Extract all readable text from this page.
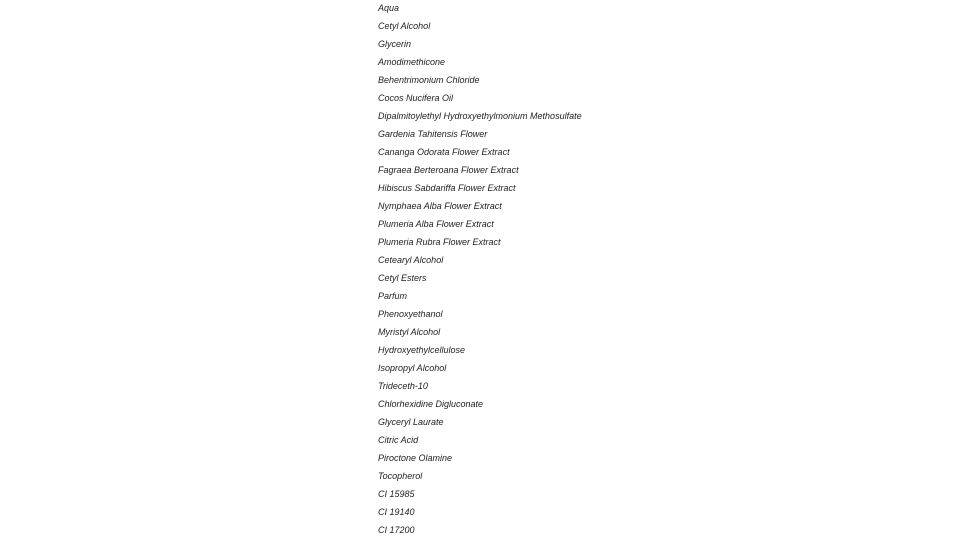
Aqua
Cetyl Alcohol
Glycerin
Amodimethicone
Behentrimonium Chloride
Cocos Nucifera Oil
Dipalmitoylethyl Hydroxyethylmonium Methosulfate
Gardenia Tahitensis Flower
Cananga Odorata Flower Extract
Fagraea Berteroana Flower Extract
Hibiscus Sabdariffa Flower Extract
Nymphaea Alba Flower Extract
Plumeria Alba Flower Extract
Plumeria Rubra Flower Extract
Cetearyl Alcohol
Cetyl Esters
Parfum
Phenoxyethanol
Myristyl Alcohol
Hydroxyethylcellulose
Isopropyl Alcohol
Trideceth-10
Chlorhexidine Digluconate
Glyceryl Laurate
Citric Acid
Piroctone Olamine
Tocopherol
CI 15985
CI 19140
CI 17200
